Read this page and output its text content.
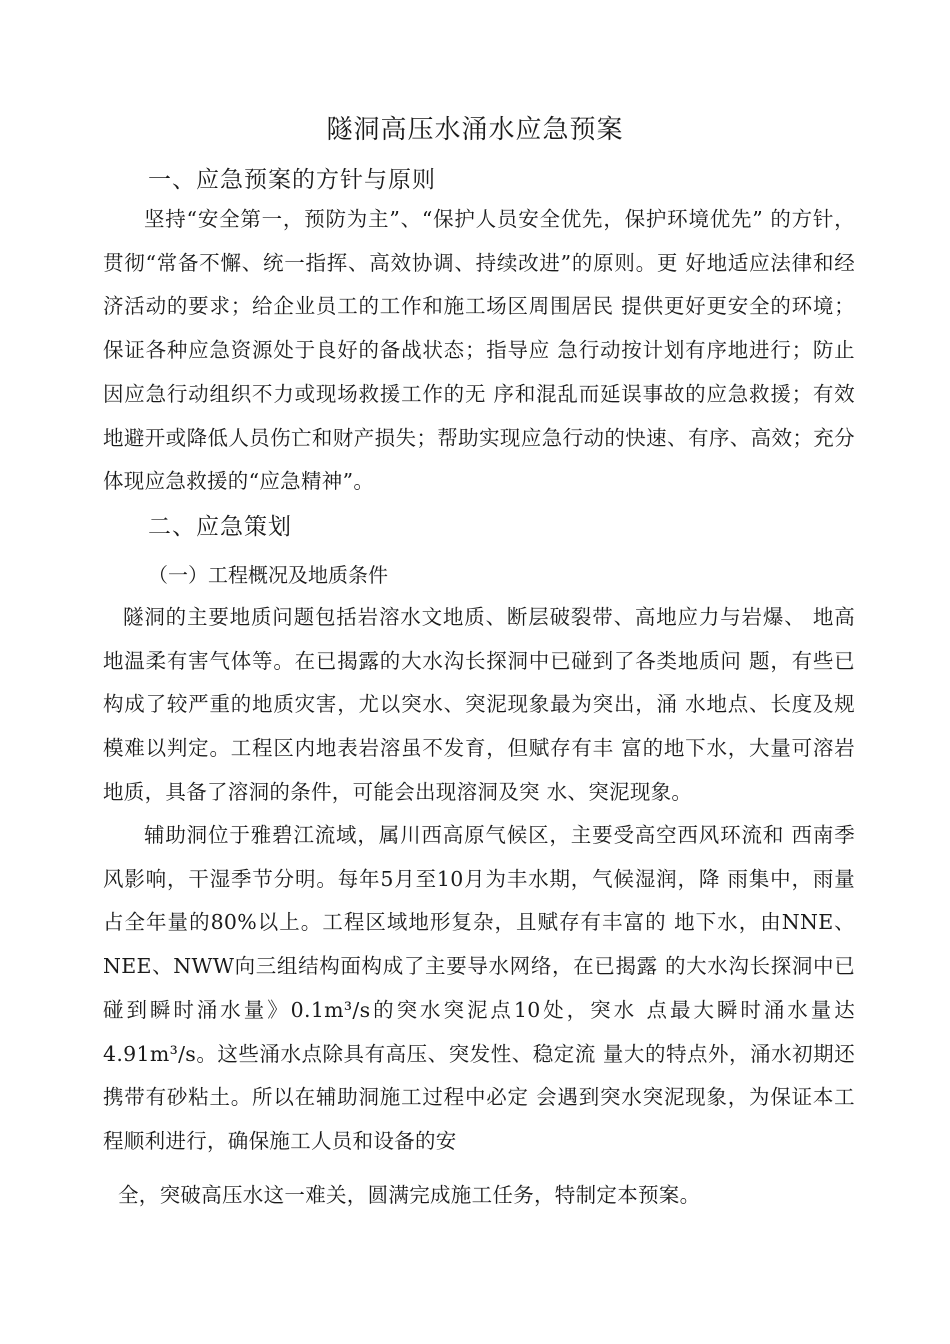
隧洞高压水涌水应急预案
一、应急预案的方针与原则
坚持“安全第一，预防为主”、“保护人员安全优先，保护环境优先” 的方针，贯彻“常备不懈、统一指挥、高效协调、持续改进”的原则。更 好地适应法律和经济活动的要求；给企业员工的工作和施工场区周围居民 提供更好更安全的环境；保证各种应急资源处于良好的备战状态；指导应 急行动按计划有序地进行；防止因应急行动组织不力或现场救援工作的无 序和混乱而延误事故的应急救援；有效地避开或降低人员伤亡和财产损失；帮助实现应急行动的快速、有序、高效；充分体现应急救援的“应急精神”。
二、应急策划
（一）工程概况及地质条件
隧洞的主要地质问题包括岩溶水文地质、断层破裂带、高地应力与岩爆、 地高地温柔有害气体等。在已揭露的大水沟长探洞中已碰到了各类地质问 题，有些已构成了较严重的地质灾害，尤以突水、突泥现象最为突出，涌 水地点、长度及规模难以判定。工程区内地表岩溶虽不发育，但赋存有丰 富的地下水，大量可溶岩地质，具备了溶洞的条件，可能会出现溶洞及突 水、突泥现象。
辅助洞位于雅碧江流域，属川西高原气候区，主要受高空西风环流和 西南季风影响，干湿季节分明。每年5月至10月为丰水期，气候湿润，降 雨集中，雨量占全年量的80%以上。工程区域地形复杂，且赋存有丰富的 地下水，由NNE、NEE、NWW向三组结构面构成了主要导水网络，在已揭露 的大水沟长探洞中已碰到瞬时涌水量》0.1m³/s的突水突泥点10处，突水 点最大瞬时涌水量达4.91m³/s。这些涌水点除具有高压、突发性、稳定流 量大的特点外，涌水初期还携带有砂粘土。所以在辅助洞施工过程中必定 会遇到突水突泥现象，为保证本工程顺利进行，确保施工人员和设备的安
全，突破高压水这一难关，圆满完成施工任务，特制定本预案。
